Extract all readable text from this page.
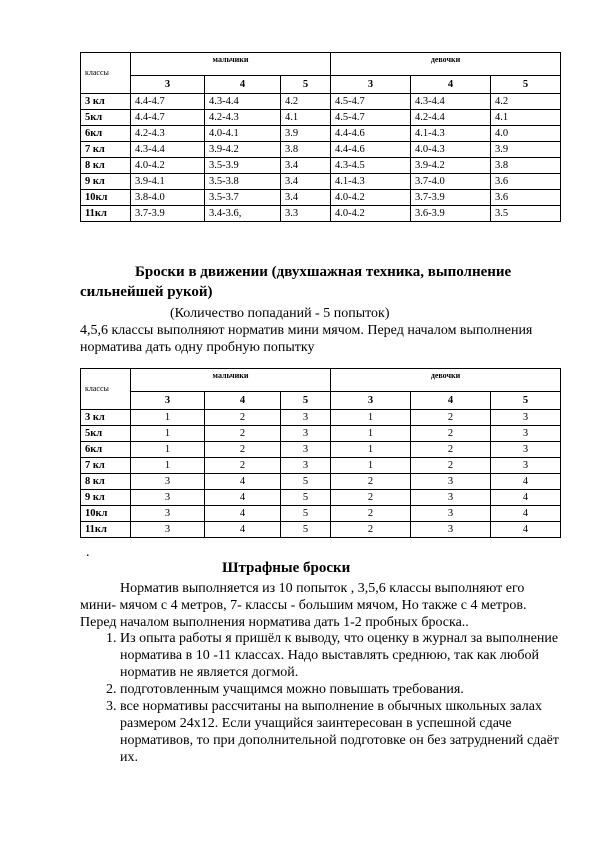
классы	мальчики			девочки		
	3	4	5	3	4	5
3 кл	4.4-4.7	4.3-4.4	4.2	4.5-4.7	4.3-4.4	4.2
5кл	4.4-4.7	4.2-4.3	4.1	4.5-4.7	4.2-4.4	4.1
6кл	4.2-4.3	4.0-4.1	3.9	4.4-4.6	4.1-4.3	4.0
7 кл	4.3-4.4	3.9-4.2	3.8	4.4-4.6	4.0-4.3	3.9
8 кл	4.0-4.2	3.5-3.9	3.4	4.3-4.5	3.9-4.2	3.8
9 кл	3.9-4.1	3.5-3.8	3.4	4.1-4.3	3.7-4.0	3.6
10кл	3.8-4.0	3.5-3.7	3.4	4.0-4.2	3.7-3.9	3.6
11кл	3.7-3.9	3.4-3.6,	3.3	4.0-4.2	3.6-3.9	3.5

Броски в движении (двухшажная техника, выполнение

сильнейшей рукой)

(Количество попаданий - 5 попыток)

4,5,6 классы выполняют норматив мини мячом. Перед началом выполнения

норматива дать одну пробную попытку

классы	мальчики			девочки		
	3	4	5	3	4	5
3 кл	1	2	3	1	2	3
5кл	1	2	3	1	2	3
6кл	1	2	3	1	2	3
7 кл	1	2	3	1	2	3
8 кл	3	4	5	2	3	4
9 кл	3	4	5	2	3	4
10кл	3	4	5	2	3	4
11кл	3	4	5	2	3	4

.

Штрафные броски

Норматив выполняется из 10 попыток , 3,5,6 классы выполняют его

мини- мячом с 4 метров, 7- классы - большим мячом, Но также с 4 метров.

Перед началом выполнения норматива дать 1-2 пробных броска..

1. Из опыта работы я пришёл к выводу, что оценку в журнал за выполнение норматива в 10 -11 классах. Надо выставлять среднюю, так как любой норматив не является догмой.
2. подготовленным учащимся можно повышать требования.
3. все нормативы рассчитаны на выполнение в обычных школьных залах размером 24х12. Если учащийся заинтересован в успешной сдаче нормативов, то при дополнительной подготовке он без затруднений сдаёт их.
